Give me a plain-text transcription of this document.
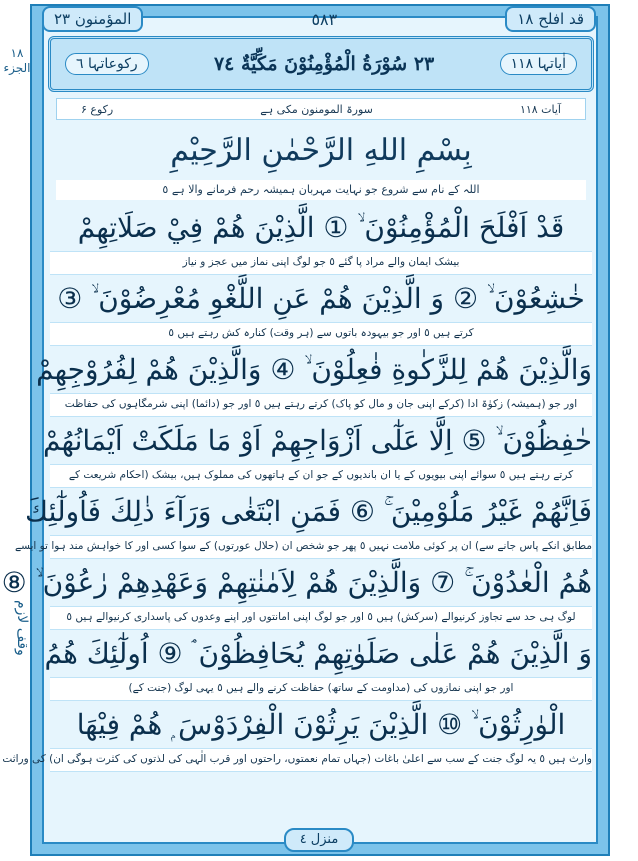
١٨ الجزء
وقف لازم
قد افلح ١٨
٥٨٣
المؤمنون ٢٣
اٰیاتہا ۱۱۸
٢٣ سُوْرَةُ الْمُؤْمِنُوْنَ مَكِّيَّةٌ ٧٤
رکوعاتہا ٦
آیات ۱۱۸
سورۃ المومنون مکی ہے
رکوع ۶
بِسْمِ اللهِ الرَّحْمٰنِ الرَّحِيْمِ
اللہ کے نام سے شروع جو نہایت مہربان ہمیشہ رحم فرمانے والا ہے ٥
قَدْ اَفْلَحَ الْمُؤْمِنُوْنَ ۙ ① الَّذِيْنَ هُمْ فِيْ صَلَاتِهِمْ
بیشک ایمان والے مراد پا گئے ٥ جو لوگ اپنی نماز میں عجز و نیاز
خٰشِعُوْنَ ۙ ② وَ الَّذِيْنَ هُمْ عَنِ اللَّغْوِ مُعْرِضُوْنَ ۙ ③
کرتے ہیں ٥ اور جو بیہودہ باتوں سے (ہر وقت) کنارہ کش رہتے ہیں ٥
وَالَّذِيْنَ هُمْ لِلزَّكٰوةِ فٰعِلُوْنَ ۙ ④ وَالَّذِيْنَ هُمْ لِفُرُوْجِهِمْ
اور جو (ہمیشہ) زکوٰۃ ادا (کرکے اپنی جان و مال کو پاک) کرتے رہتے ہیں ٥ اور جو (دائما) اپنی شرمگاہوں کی حفاظت
حٰفِظُوْنَ ۙ ⑤ اِلَّا عَلٰٓى اَزْوَاجِهِمْ اَوْ مَا مَلَكَتْ اَيْمَانُهُمْ
کرتے رہتے ہیں ٥ سوائے اپنی بیویوں کے یا ان باندیوں کے جو ان کے ہاتھوں کی مملوک ہیں، بیشک (احکام شریعت کے
فَاِنَّهُمْ غَيْرُ مَلُوْمِيْنَ ۚ ⑥ فَمَنِ ابْتَغٰى وَرَآءَ ذٰلِكَ فَاُولٰٓئِكَ
مطابق انکے پاس جانے سے) ان پر کوئی ملامت نہیں ٥ پھر جو شخص ان (حلال عورتوں) کے سوا کسی اور کا خواہش مند ہوا تو ایسے
هُمُ الْعٰدُوْنَ ۚ ⑦ وَالَّذِيْنَ هُمْ لِاَمٰنٰتِهِمْ وَعَهْدِهِمْ رٰعُوْنَ ۙ ⑧
لوگ ہی حد سے تجاوز کرنیوالے (سرکش) ہیں ٥ اور جو لوگ اپنی امانتوں اور اپنے وعدوں کی پاسداری کرنیوالے ہیں ٥
وَ الَّذِيْنَ هُمْ عَلٰى صَلَوٰتِهِمْ يُحَافِظُوْنَ ۘ ⑨ اُولٰٓئِكَ هُمُ
اور جو اپنی نمازوں کی (مداومت کے ساتھ) حفاظت کرنے والے ہیں ٥ یہی لوگ (جنت کے)
الْوٰرِثُوْنَ ۙ ⑩ الَّذِيْنَ يَرِثُوْنَ الْفِرْدَوْسَ ۭ هُمْ فِيْهَا
وارث ہیں ٥ یہ لوگ جنت کے سب سے اعلیٰ باغات (جہاں تمام نعمتوں، راحتوں اور قرب الٰہی کی لذتوں کی کثرت ہوگی ان) کی وراثت
منزل ٤
